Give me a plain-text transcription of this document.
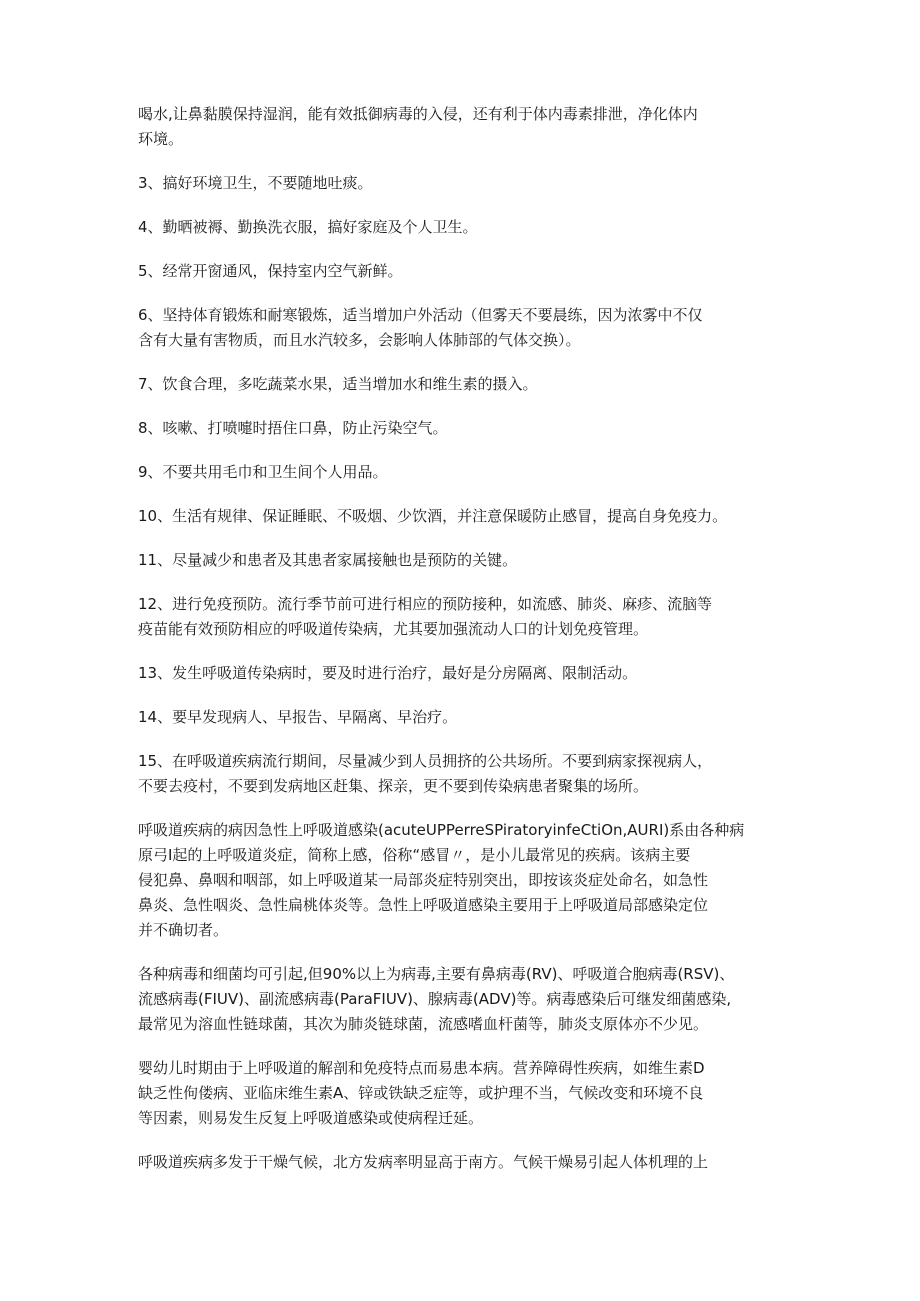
喝水,让鼻黏膜保持湿润，能有效抵御病毒的入侵，还有利于体内毒素排泄，净化体内
环境。

3、搞好环境卫生，不要随地吐痰。

4、勤晒被褥、勤换洗衣服，搞好家庭及个人卫生。

5、经常开窗通风，保持室内空气新鲜。

6、坚持体育锻炼和耐寒锻炼，适当增加户外活动（但雾天不要晨练，因为浓雾中不仅
含有大量有害物质，而且水汽较多，会影响人体肺部的气体交换）。

7、饮食合理，多吃蔬菜水果，适当增加水和维生素的摄入。

8、咳嗽、打喷嚏时捂住口鼻，防止污染空气。

9、不要共用毛巾和卫生间个人用品。

10、生活有规律、保证睡眠、不吸烟、少饮酒，并注意保暖防止感冒，提高自身免疫力。

11、尽量减少和患者及其患者家属接触也是预防的关键。

12、进行免疫预防。流行季节前可进行相应的预防接种，如流感、肺炎、麻疹、流脑等
疫苗能有效预防相应的呼吸道传染病，尤其要加强流动人口的计划免疫管理。

13、发生呼吸道传染病时，要及时进行治疗，最好是分房隔离、限制活动。

14、要早发现病人、早报告、早隔离、早治疗。

15、在呼吸道疾病流行期间，尽量减少到人员拥挤的公共场所。不要到病家探视病人，
不要去疫村，不要到发病地区赶集、探亲，更不要到传染病患者聚集的场所。

呼吸道疾病的病因急性上呼吸道感染(acuteUPPerreSPiratoryinfeCtiOn,AURI)系由各种病
原弓I起的上呼吸道炎症，简称上感，俗称“感冒〃，是小儿最常见的疾病。该病主要
侵犯鼻、鼻咽和咽部，如上呼吸道某一局部炎症特别突出，即按该炎症处命名，如急性
鼻炎、急性咽炎、急性扁桃体炎等。急性上呼吸道感染主要用于上呼吸道局部感染定位
并不确切者。

各种病毒和细菌均可引起,但90%以上为病毒,主要有鼻病毒(RV)、呼吸道合胞病毒(RSV)、
流感病毒(FIUV)、副流感病毒(ParaFIUV)、腺病毒(ADV)等。病毒感染后可继发细菌感染,
最常见为溶血性链球菌，其次为肺炎链球菌，流感嗜血杆菌等，肺炎支原体亦不少见。

婴幼儿时期由于上呼吸道的解剖和免疫特点而易患本病。营养障碍性疾病，如维生素D
缺乏性佝偻病、亚临床维生素A、锌或铁缺乏症等，或护理不当，气候改变和环境不良
等因素，则易发生反复上呼吸道感染或使病程迁延。

呼吸道疾病多发于干燥气候，北方发病率明显高于南方。气候干燥易引起人体机理的上
